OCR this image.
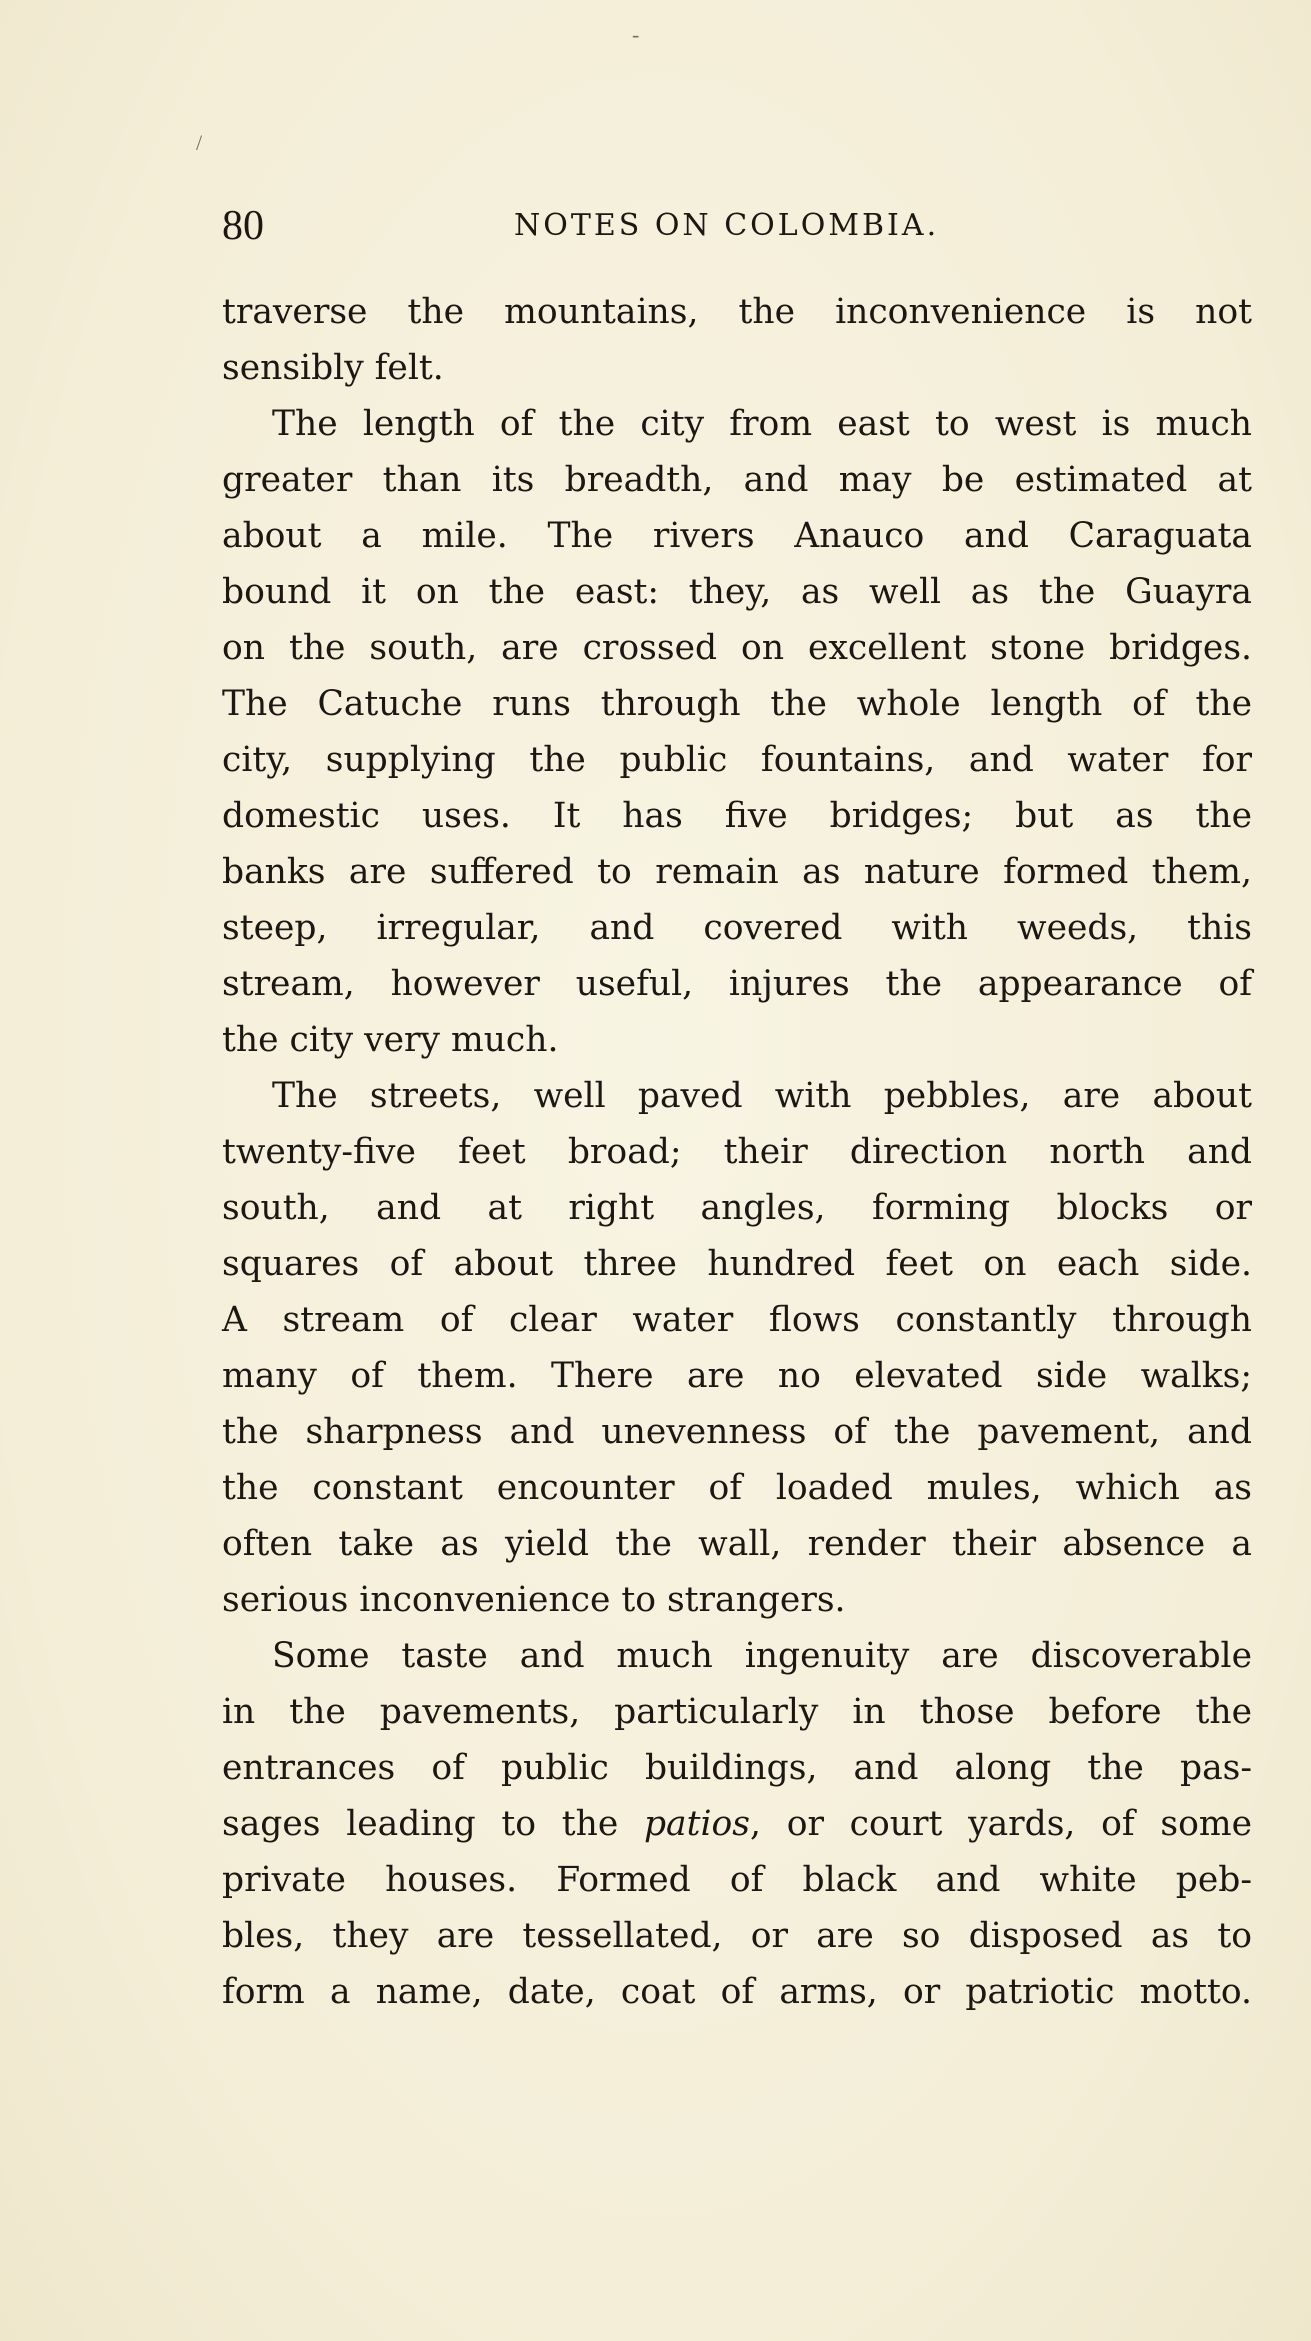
/
-
80	NOTES ON COLOMBIA.
traverse the mountains, the inconvenience is not
sensibly felt.
The length of the city from east to west is much
greater than its breadth, and may be estimated at
about a mile. The rivers Anauco and Caraguata
bound it on the east: they, as well as the Guayra
on the south, are crossed on excellent stone bridges.
The Catuche runs through the whole length of the
city, supplying the public fountains, and water for
domestic uses. It has five bridges; but as the
banks are suffered to remain as nature formed them,
steep, irregular, and covered with weeds, this
stream, however useful, injures the appearance of
the city very much.
The streets, well paved with pebbles, are about
twenty-five feet broad; their direction north and
south, and at right angles, forming blocks or
squares of about three hundred feet on each side.
A stream of clear water flows constantly through
many of them. There are no elevated side walks;
the sharpness and unevenness of the pavement, and
the constant encounter of loaded mules, which as
often take as yield the wall, render their absence a
serious inconvenience to strangers.
Some taste and much ingenuity are discoverable
in the pavements, particularly in those before the
entrances of public buildings, and along the pas-
sages leading to the patios, or court yards, of some
private houses. Formed of black and white peb-
bles, they are tessellated, or are so disposed as to
form a name, date, coat of arms, or patriotic motto.
